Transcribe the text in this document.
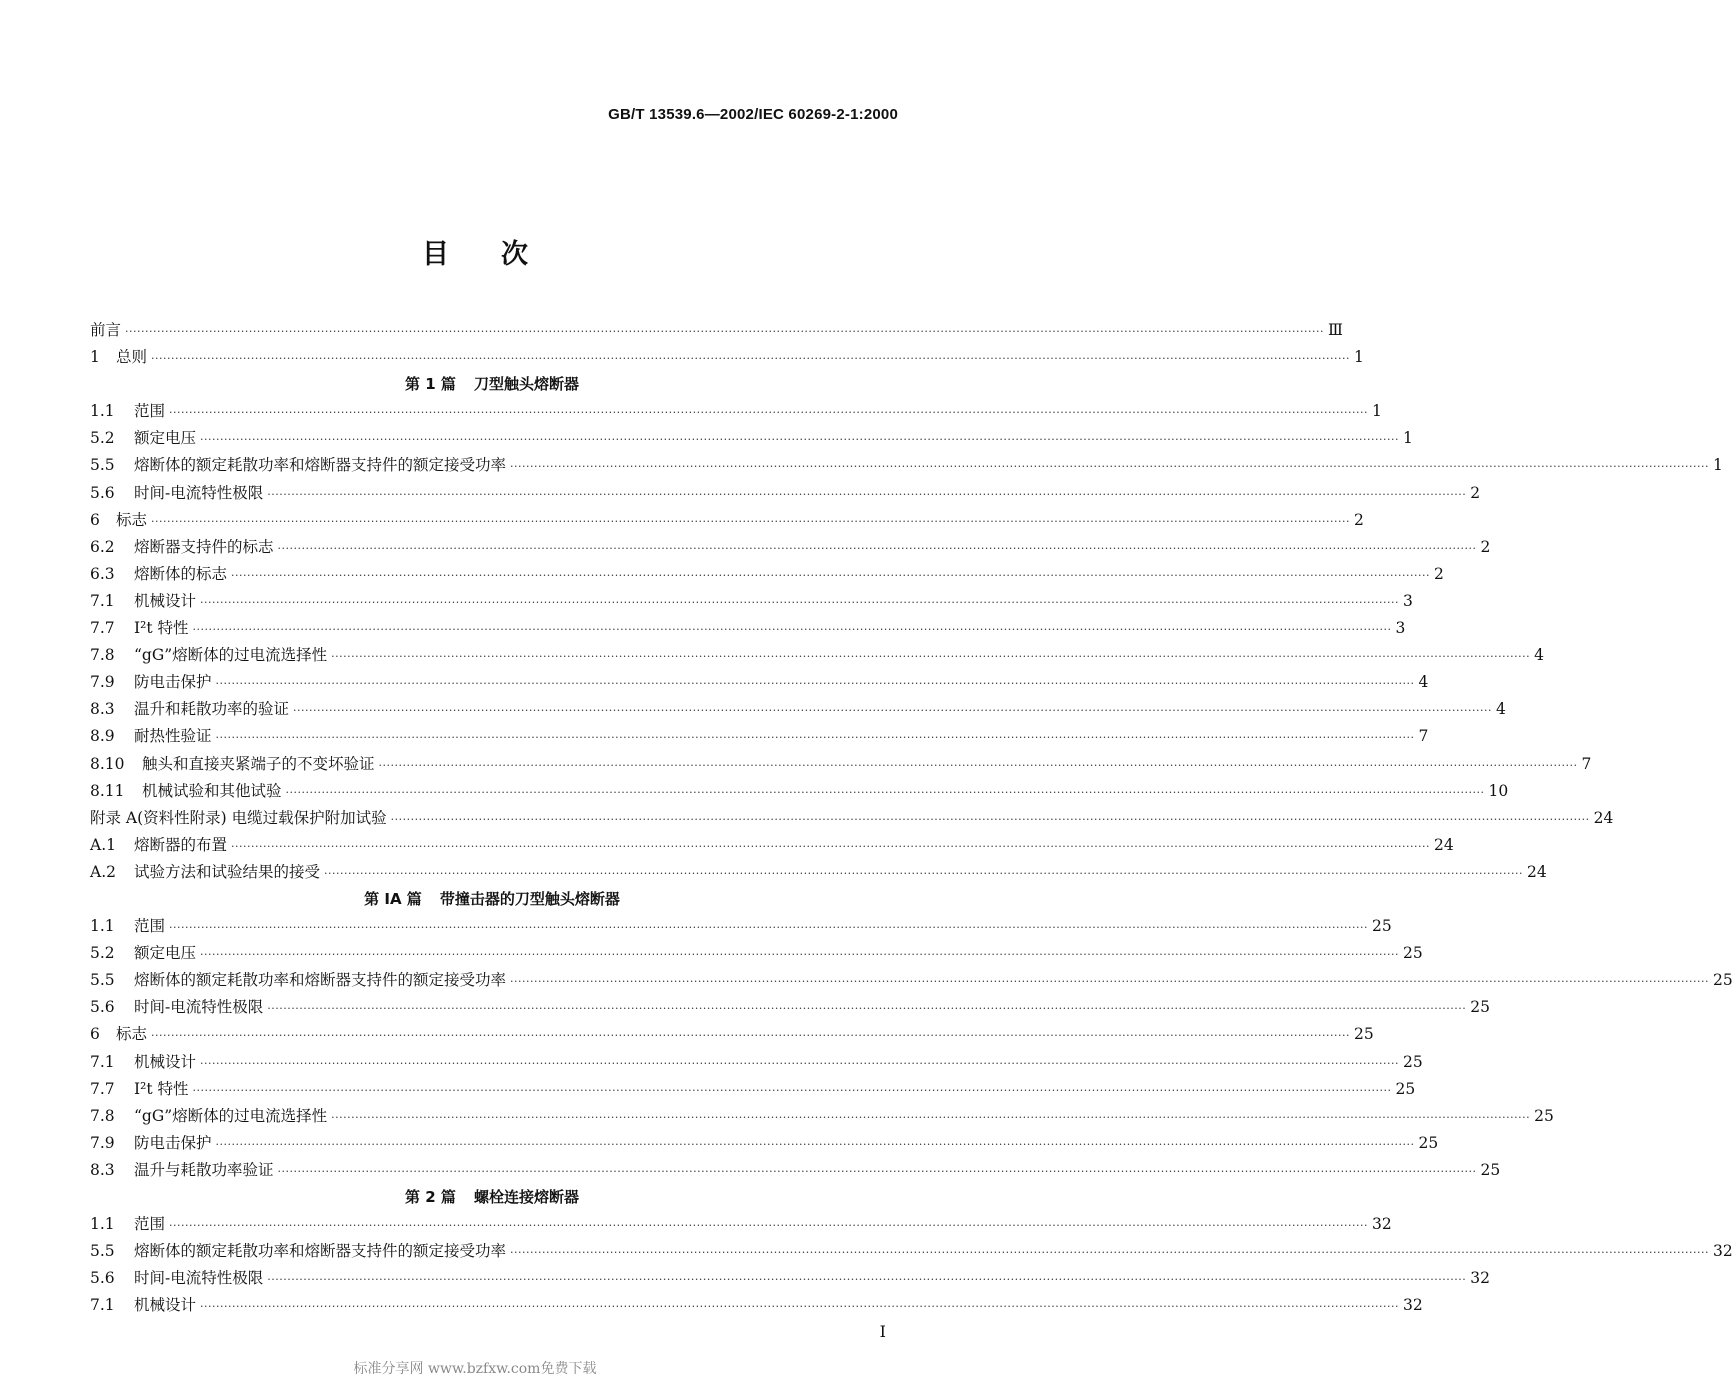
GB/T 13539.6—2002/IEC 60269-2-1:2000
目 次
前言 ············································································································································································································································································································ Ⅲ
1 总则 ············································································································································································································································································································ 1
第 1 篇 刀型触头熔断器
1.1 范围 ············································································································································································································································································································ 1
5.2 额定电压 ············································································································································································································································································································ 1
5.5 熔断体的额定耗散功率和熔断器支持件的额定接受功率 ············································································································································································································································································································ 1
5.6 时间-电流特性极限 ············································································································································································································································································································ 2
6 标志 ············································································································································································································································································································ 2
6.2 熔断器支持件的标志 ············································································································································································································································································································ 2
6.3 熔断体的标志 ············································································································································································································································································································ 2
7.1 机械设计 ············································································································································································································································································································ 3
7.7 I²t 特性 ············································································································································································································································································································ 3
7.8 “gG”熔断体的过电流选择性 ············································································································································································································································································································ 4
7.9 防电击保护 ············································································································································································································································································································ 4
8.3 温升和耗散功率的验证 ············································································································································································································································································································ 4
8.9 耐热性验证 ············································································································································································································································································································ 7
8.10 触头和直接夹紧端子的不变坏验证 ············································································································································································································································································································ 7
8.11 机械试验和其他试验 ············································································································································································································································································································ 10
附录 A(资料性附录) 电缆过载保护附加试验 ············································································································································································································································································································ 24
A.1 熔断器的布置 ············································································································································································································································································································ 24
A.2 试验方法和试验结果的接受 ············································································································································································································································································································ 24
第 IA 篇 带撞击器的刀型触头熔断器
1.1 范围 ············································································································································································································································································································ 25
5.2 额定电压 ············································································································································································································································································································ 25
5.5 熔断体的额定耗散功率和熔断器支持件的额定接受功率 ············································································································································································································································································································ 25
5.6 时间-电流特性极限 ············································································································································································································································································································ 25
6 标志 ············································································································································································································································································································ 25
7.1 机械设计 ············································································································································································································································································································ 25
7.7 I²t 特性 ············································································································································································································································································································ 25
7.8 “gG”熔断体的过电流选择性 ············································································································································································································································································································ 25
7.9 防电击保护 ············································································································································································································································································································ 25
8.3 温升与耗散功率验证 ············································································································································································································································································································ 25
第 2 篇 螺栓连接熔断器
1.1 范围 ············································································································································································································································································································ 32
5.5 熔断体的额定耗散功率和熔断器支持件的额定接受功率 ············································································································································································································································································································ 32
5.6 时间-电流特性极限 ············································································································································································································································································································ 32
7.1 机械设计 ············································································································································································································································································································ 32
I
标准分享网 www.bzfxw.com免费下载
